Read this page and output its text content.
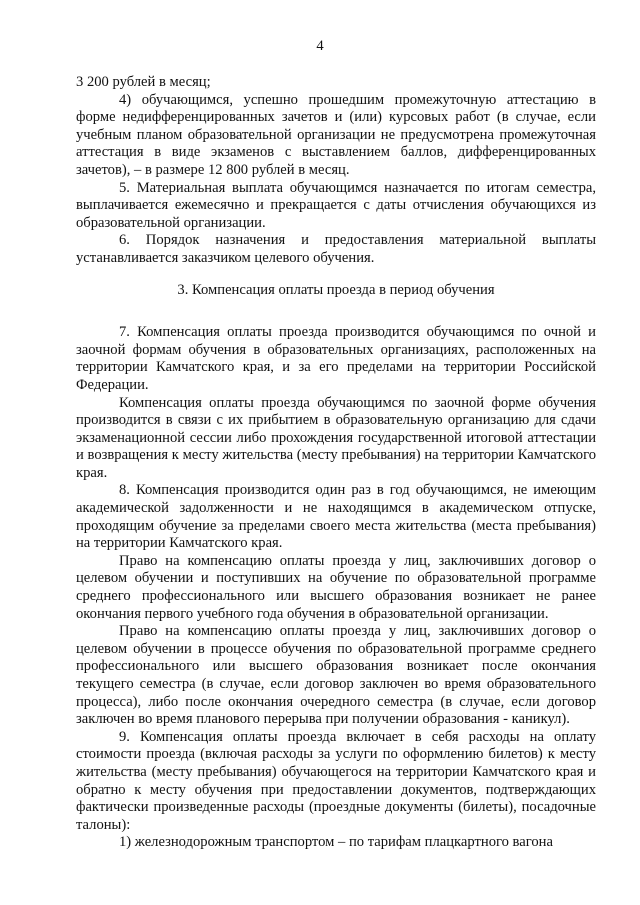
4

3 200 рублей в месяц;

4) обучающимся, успешно прошедшим промежуточную аттестацию в форме недифференцированных зачетов и (или) курсовых работ (в случае, если учебным планом образовательной организации не предусмотрена промежуточная аттестация в виде экзаменов с выставлением баллов, дифференцированных зачетов), – в размере 12 800 рублей в месяц.

5. Материальная выплата обучающимся назначается по итогам семестра, выплачивается ежемесячно и прекращается с даты отчисления обучающихся из образовательной организации.

6. Порядок назначения и предоставления материальной выплаты устанавливается заказчиком целевого обучения.

3. Компенсация оплаты проезда в период обучения

7. Компенсация оплаты проезда производится обучающимся по очной и заочной формам обучения в образовательных организациях, расположенных на территории Камчатского края, и за его пределами на территории Российской Федерации.

Компенсация оплаты проезда обучающимся по заочной форме обучения производится в связи с их прибытием в образовательную организацию для сдачи экзаменационной сессии либо прохождения государственной итоговой аттестации и возвращения к месту жительства (месту пребывания) на территории Камчатского края.

8. Компенсация производится один раз в год обучающимся, не имеющим академической задолженности и не находящимся в академическом отпуске, проходящим обучение за пределами своего места жительства (места пребывания) на территории Камчатского края.

Право на компенсацию оплаты проезда у лиц, заключивших договор о целевом обучении и поступивших на обучение по образовательной программе среднего профессионального или высшего образования возникает не ранее окончания первого учебного года обучения в образовательной организации.

Право на компенсацию оплаты проезда у лиц, заключивших договор о целевом обучении в процессе обучения по образовательной программе среднего профессионального или высшего образования возникает после окончания текущего семестра (в случае, если договор заключен во время образовательного процесса), либо после окончания очередного семестра (в случае, если договор заключен во время планового перерыва при получении образования - каникул).

9. Компенсация оплаты проезда включает в себя расходы на оплату стоимости проезда (включая расходы за услуги по оформлению билетов) к месту жительства (месту пребывания) обучающегося на территории Камчатского края и обратно к месту обучения при предоставлении документов, подтверждающих фактически произведенные расходы (проездные документы (билеты), посадочные талоны):

1) железнодорожным транспортом – по тарифам плацкартного вагона
